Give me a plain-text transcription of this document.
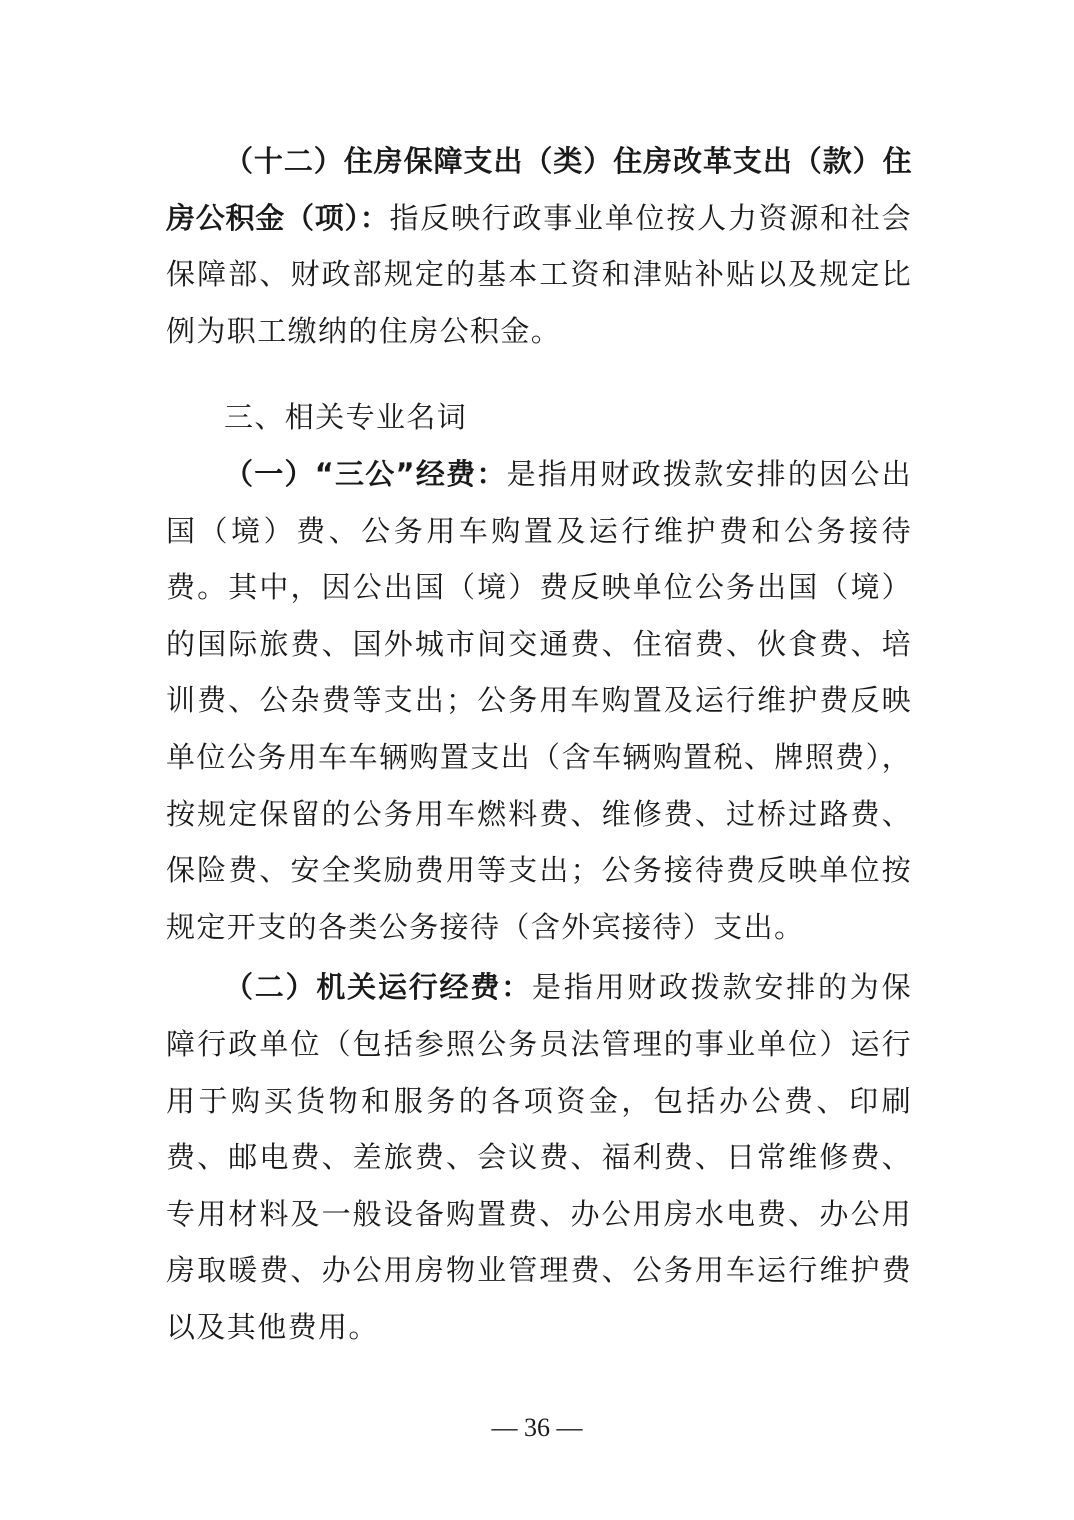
（十二）住房保障支出（类）住房改革支出（款）住房公积金（项）：指反映行政事业单位按人力资源和社会保障部、财政部规定的基本工资和津贴补贴以及规定比例为职工缴纳的住房公积金。

三、相关专业名词

（一）“三公”经费：是指用财政拨款安排的因公出国（境）费、公务用车购置及运行维护费和公务接待费。其中，因公出国（境）费反映单位公务出国（境）的国际旅费、国外城市间交通费、住宿费、伙食费、培训费、公杂费等支出；公务用车购置及运行维护费反映单位公务用车车辆购置支出（含车辆购置税、牌照费），按规定保留的公务用车燃料费、维修费、过桥过路费、保险费、安全奖励费用等支出；公务接待费反映单位按规定开支的各类公务接待（含外宾接待）支出。

（二）机关运行经费：是指用财政拨款安排的为保障行政单位（包括参照公务员法管理的事业单位）运行用于购买货物和服务的各项资金，包括办公费、印刷费、邮电费、差旅费、会议费、福利费、日常维修费、专用材料及一般设备购置费、办公用房水电费、办公用房取暖费、办公用房物业管理费、公务用车运行维护费以及其他费用。

— 36 —
